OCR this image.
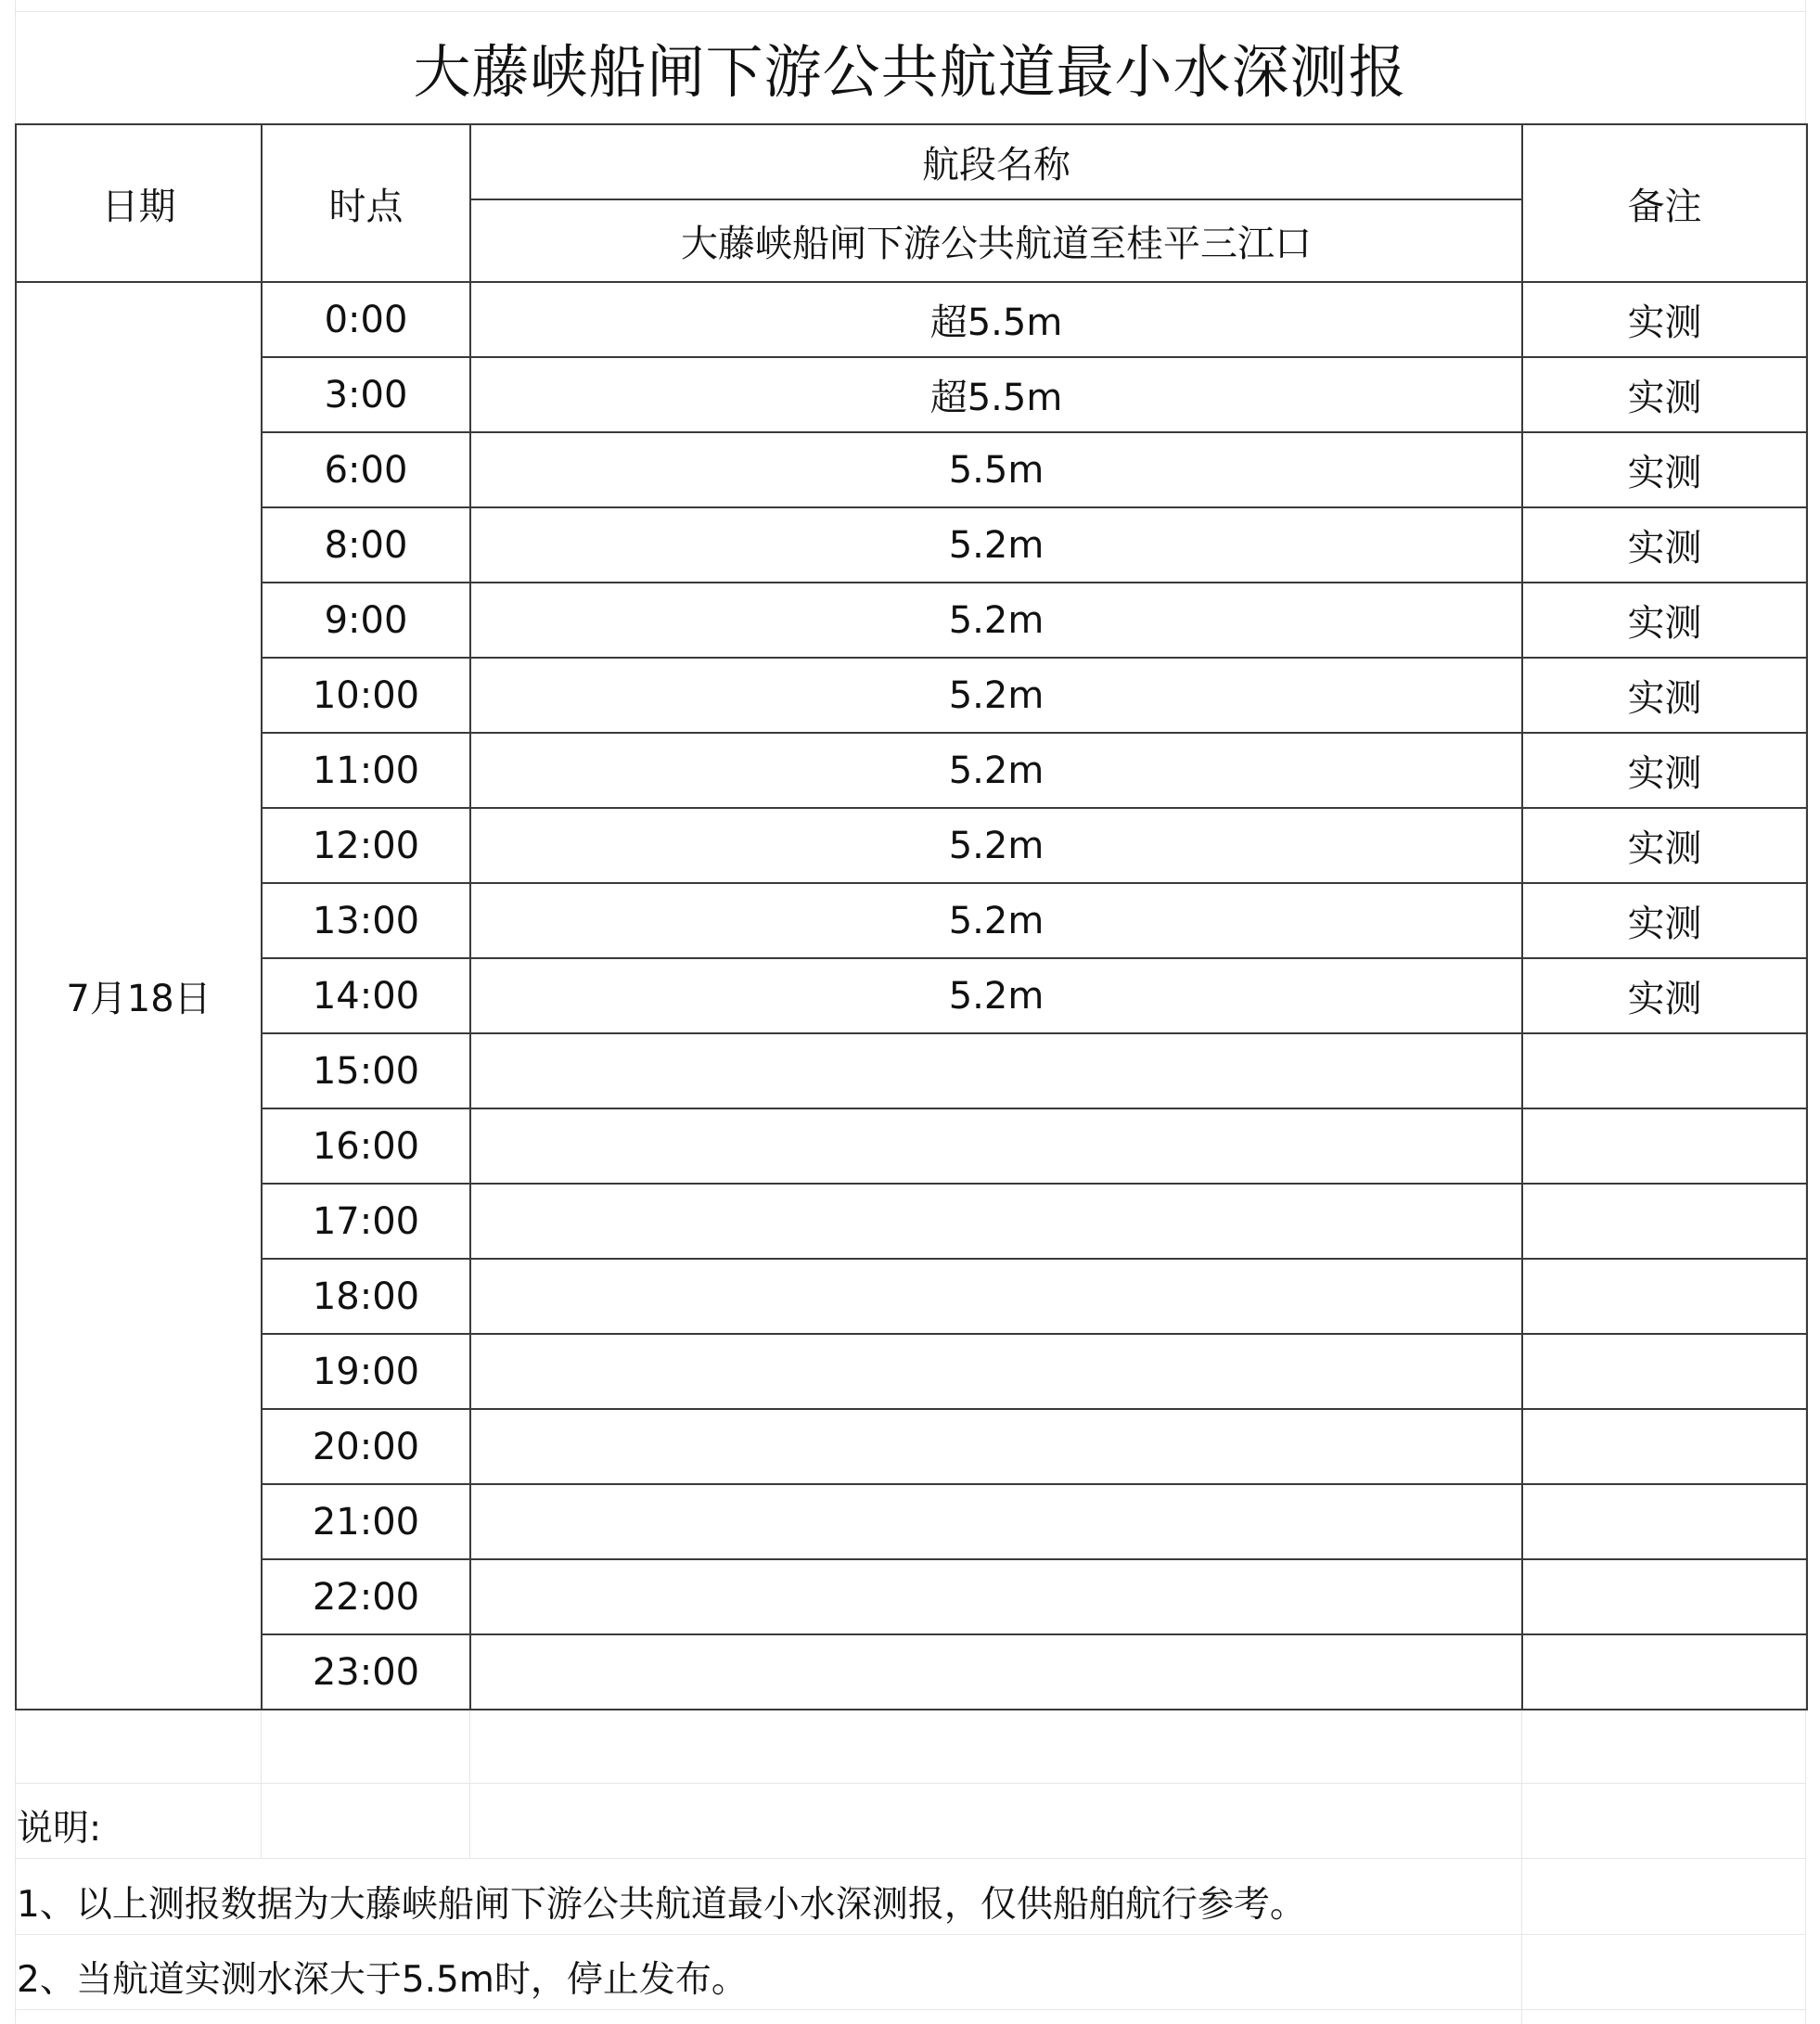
大藤峡船闸下游公共航道最小水深测报
日期	时点	航段名称	备注
		大藤峡船闸下游公共航道至桂平三江口	
7月18日	0:00	超5.5m	实测
	3:00	超5.5m	实测
	6:00	5.5m	实测
	8:00	5.2m	实测
	9:00	5.2m	实测
	10:00	5.2m	实测
	11:00	5.2m	实测
	12:00	5.2m	实测
	13:00	5.2m	实测
	14:00	5.2m	实测
	15:00		
	16:00		
	17:00		
	18:00		
	19:00		
	20:00		
	21:00		
	22:00		
	23:00		
说明:
1、以上测报数据为大藤峡船闸下游公共航道最小水深测报，仅供船舶航行参考。
2、当航道实测水深大于5.5m时，停止发布。
